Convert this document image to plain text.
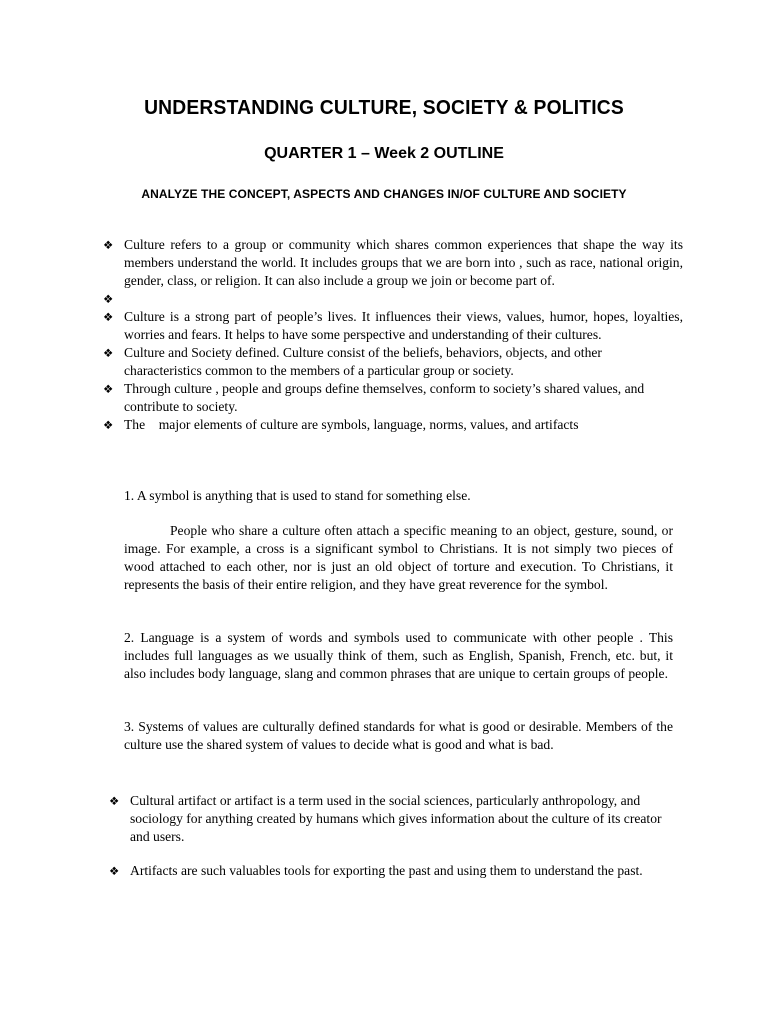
UNDERSTANDING CULTURE, SOCIETY & POLITICS
QUARTER 1 – Week 2 OUTLINE
ANALYZE THE CONCEPT, ASPECTS AND CHANGES IN/OF CULTURE AND SOCIETY
❖ Culture refers to a group or community which shares common experiences that shape the way its members understand the world. It includes groups that we are born into , such as race, national origin, gender, class, or religion. It can also include a group we join or become part of.
❖
❖ Culture is a strong part of people’s lives. It influences their views, values, humor, hopes, loyalties, worries and fears. It helps to have some perspective and understanding of their cultures.
❖ Culture and Society defined. Culture consist of the beliefs, behaviors, objects, and other characteristics common to the members of a particular group or society.
❖ Through culture , people and groups define themselves, conform to society’s shared values, and contribute to society.
❖ The    major elements of culture are symbols, language, norms, values, and artifacts
1. A symbol is anything that is used to stand for something else.
People who share a culture often attach a specific meaning to an object, gesture, sound, or image. For example, a cross is a significant symbol to Christians. It is not simply two pieces of wood attached to each other, nor is just an old object of torture and execution. To Christians, it represents the basis of their entire religion, and they have great reverence for the symbol.
2. Language is a system of words and symbols used to communicate with other people . This includes full languages as we usually think of them, such as English, Spanish, French, etc. but, it also includes body language, slang and common phrases that are unique to certain groups of people.
3. Systems of values are culturally defined standards for what is good or desirable. Members of the culture use the shared system of values to decide what is good and what is bad.
❖ Cultural artifact or artifact is a term used in the social sciences, particularly anthropology, and sociology for anything created by humans which gives information about the culture of its creator and users.
❖ Artifacts are such valuables tools for exporting the past and using them to understand the past.
